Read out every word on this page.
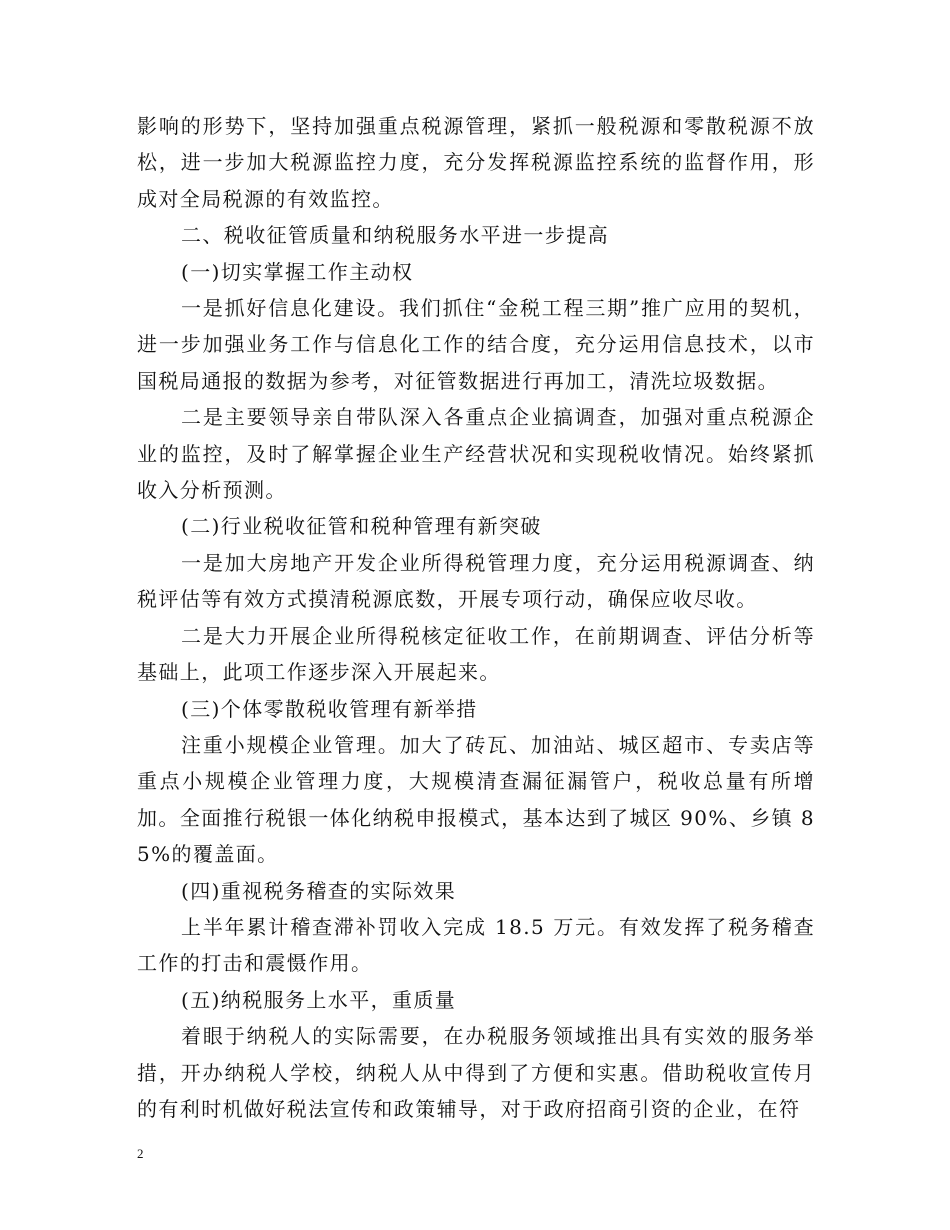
影响的形势下，坚持加强重点税源管理，紧抓一般税源和零散税源不放松，进一步加大税源监控力度，充分发挥税源监控系统的监督作用，形成对全局税源的有效监控。

二、税收征管质量和纳税服务水平进一步提高

(一)切实掌握工作主动权

一是抓好信息化建设。我们抓住“金税工程三期”推广应用的契机，进一步加强业务工作与信息化工作的结合度，充分运用信息技术，以市国税局通报的数据为参考，对征管数据进行再加工，清洗垃圾数据。

二是主要领导亲自带队深入各重点企业搞调查，加强对重点税源企业的监控，及时了解掌握企业生产经营状况和实现税收情况。始终紧抓收入分析预测。

(二)行业税收征管和税种管理有新突破

一是加大房地产开发企业所得税管理力度，充分运用税源调查、纳税评估等有效方式摸清税源底数，开展专项行动，确保应收尽收。

二是大力开展企业所得税核定征收工作，在前期调查、评估分析等基础上，此项工作逐步深入开展起来。

(三)个体零散税收管理有新举措

注重小规模企业管理。加大了砖瓦、加油站、城区超市、专卖店等重点小规模企业管理力度，大规模清查漏征漏管户，税收总量有所增加。全面推行税银一体化纳税申报模式，基本达到了城区 90%、乡镇 85%的覆盖面。

(四)重视税务稽查的实际效果

上半年累计稽查滞补罚收入完成 18.5 万元。有效发挥了税务稽查工作的打击和震慑作用。

(五)纳税服务上水平，重质量

着眼于纳税人的实际需要，在办税服务领域推出具有实效的服务举措，开办纳税人学校，纳税人从中得到了方便和实惠。借助税收宣传月的有利时机做好税法宣传和政策辅导，对于政府招商引资的企业，在符

2
